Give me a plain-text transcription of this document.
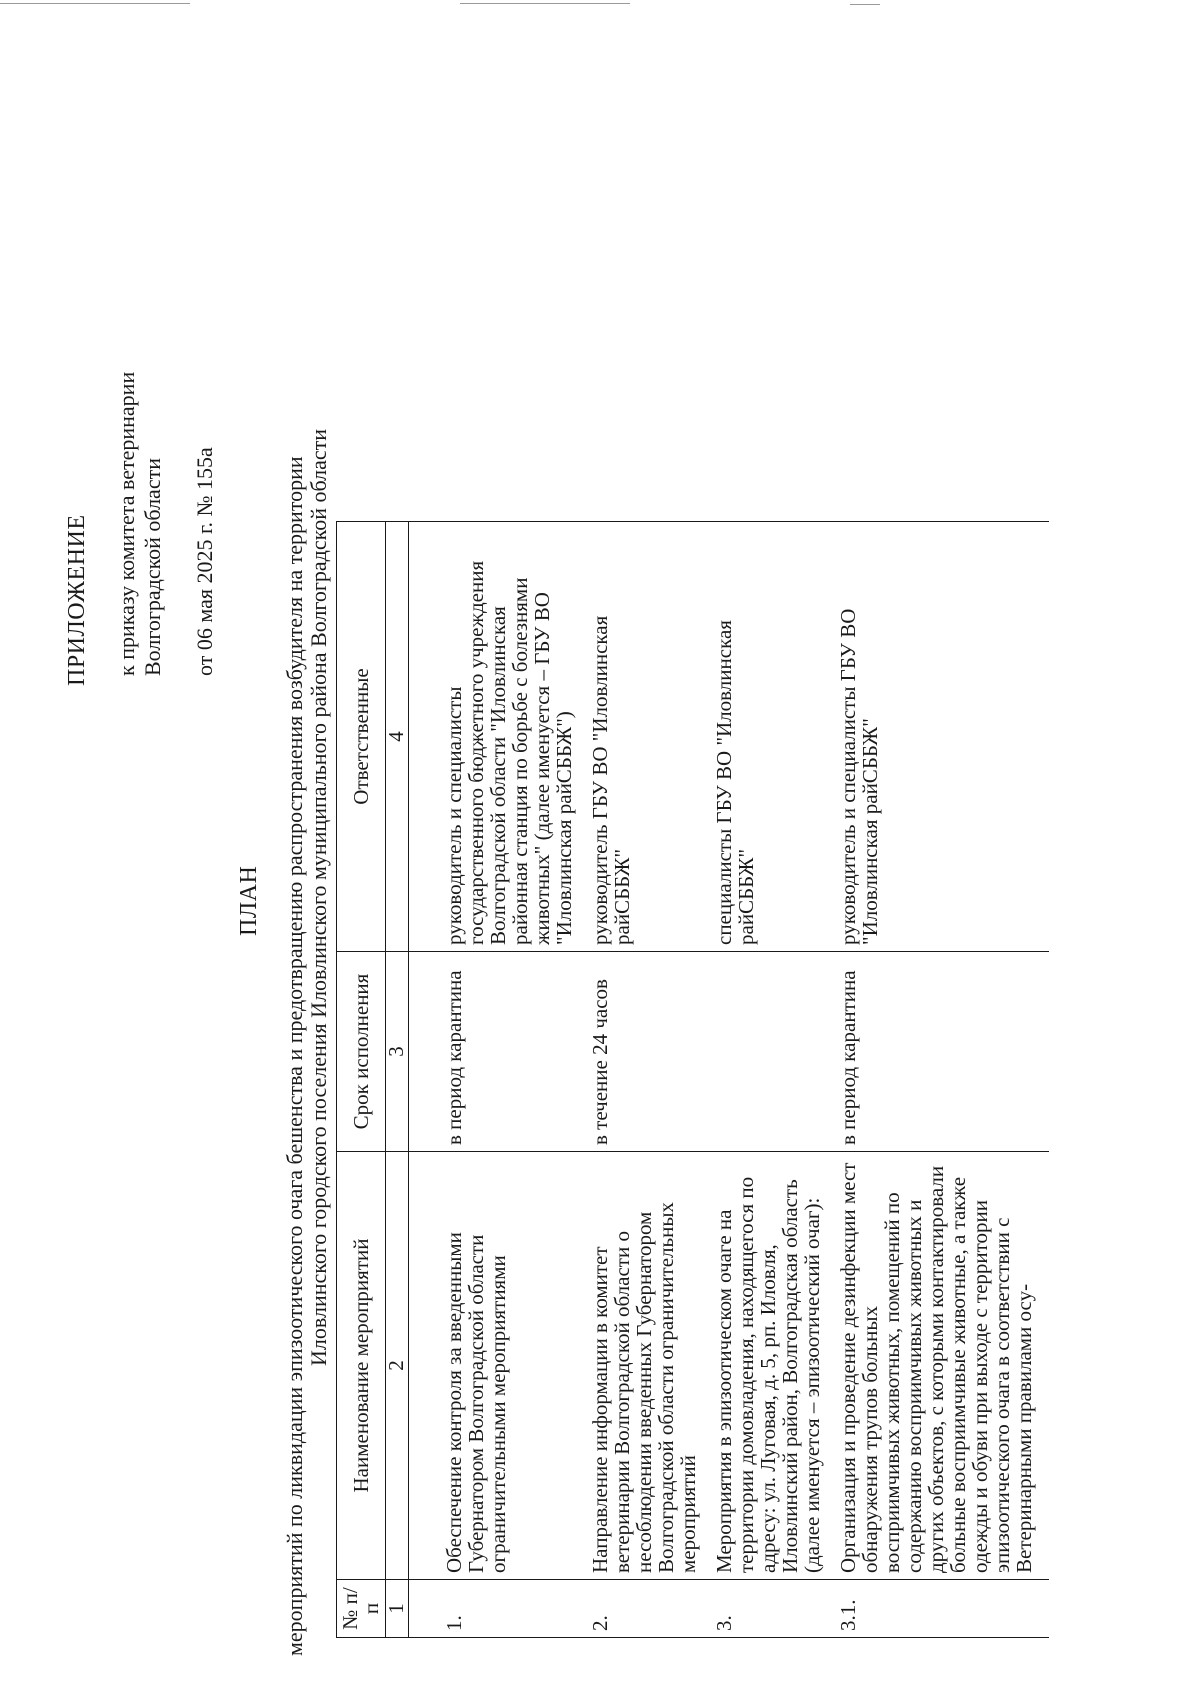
ПРИЛОЖЕНИЕ к приказу комитета ветеринарии Волгоградской области от 06 мая 2025 г. № 155а
ПЛАН мероприятий по ликвидации эпизоотического очага бешенства и предотвращению распространения возбудителя на территории Иловлинского городского поселения Иловлинского муниципального района Волгоградской области
№ п/п	Наименование мероприятий	Срок исполнения	Ответственные
1	2	3	4

1.	Обеспечение контроля за введенными Губернатором Волгоградской области ограничительными мероприятиями	в период карантина	руководитель и специалисты государственного бюджетного учреждения Волгоградской области "Иловлинская районная станция по борьбе с болезнями животных" (далее именуется – ГБУ ВО "Иловлинская райСББЖ")
2.	Направление информации в комитет ветеринарии Волгоградской области о несоблюдении введенных Губернатором Волгоградской области ограничительных мероприятий	в течение 24 часов	руководитель ГБУ ВО "Иловлинская райСББЖ"
3.	Мероприятия в эпизоотическом очаге на территории домовладения, находящегося по адресу: ул. Луговая, д. 5, рп. Иловля, Иловлинский район, Волгоградская область (далее именуется – эпизоотический очаг):		специалисты ГБУ ВО "Иловлинская райСББЖ"
3.1.	Организация и проведение дезинфекции мест обнаружения трупов больных восприимчивых животных, помещений по содержанию восприимчивых животных и других объектов, с которыми контактировали больные восприимчивые животные, а также одежды и обуви при выходе с территории эпизоотического очага в соответствии с Ветеринарными правилами осу-	в период карантина	руководитель и специалисты ГБУ ВО "Иловлинская райСББЖ"
